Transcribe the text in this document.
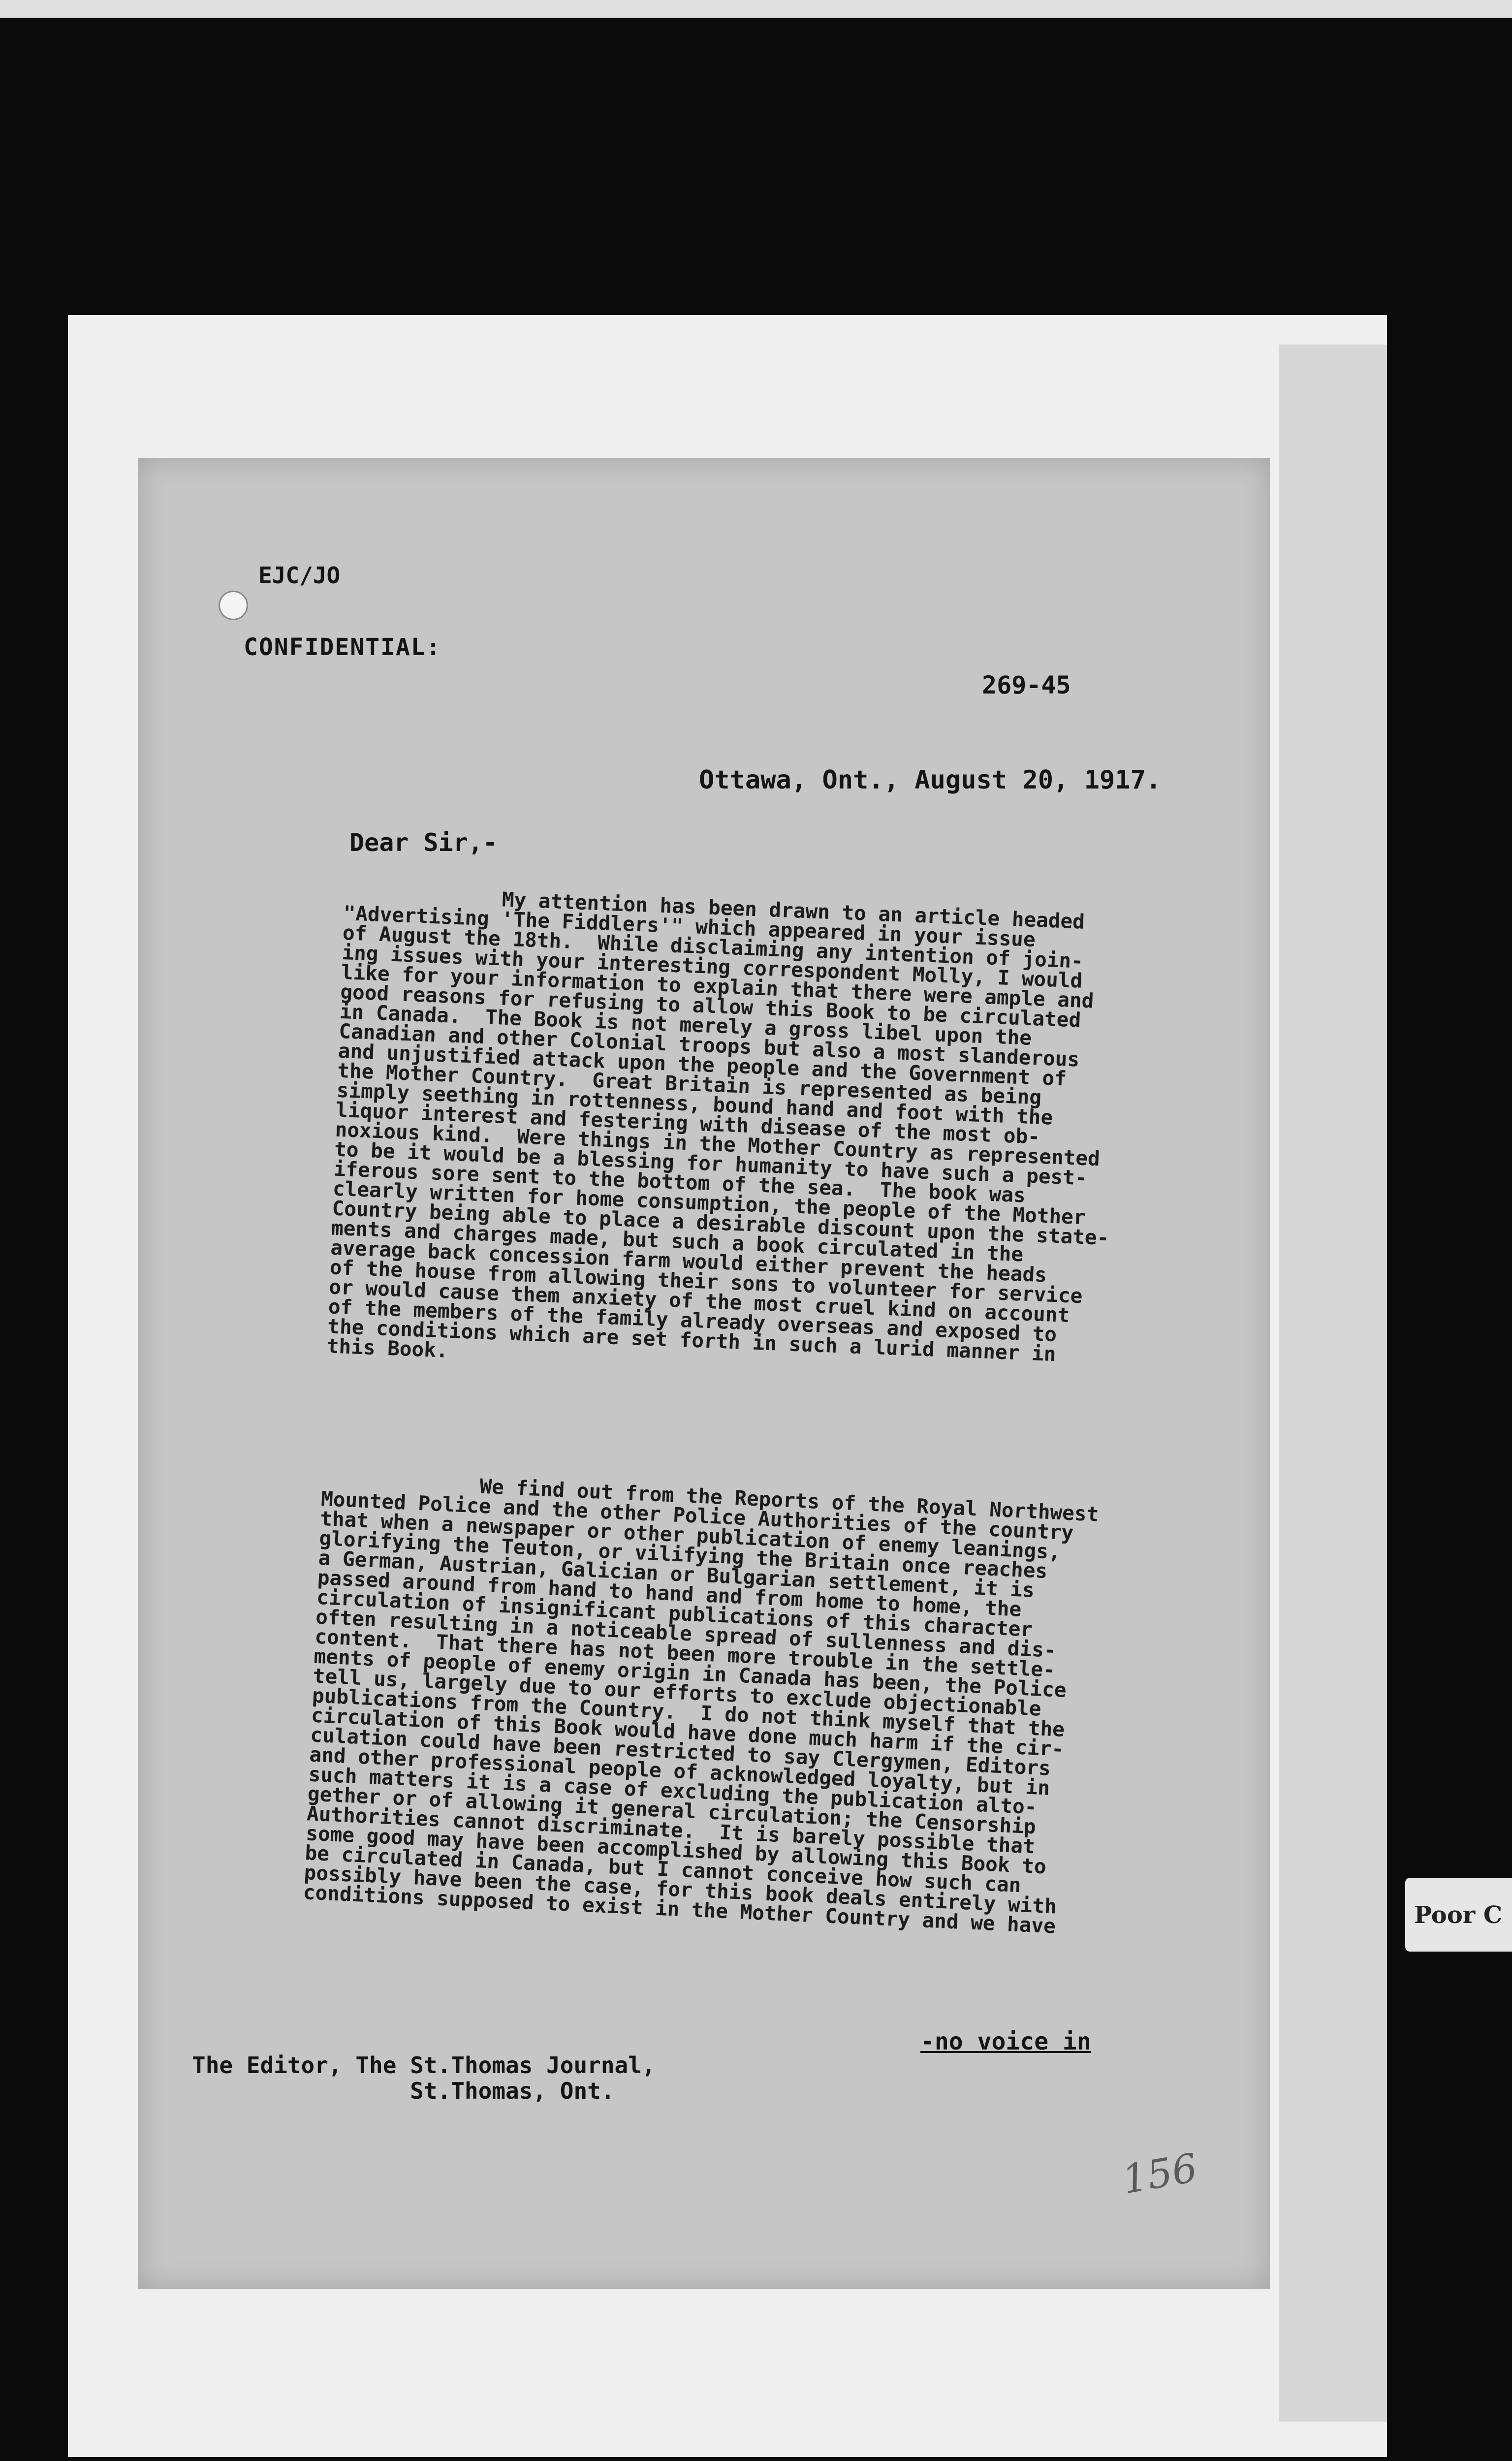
EJC/JO

CONFIDENTIAL:

269-45

Ottawa, Ont., August 20, 1917.

Dear Sir,-

My attention has been drawn to an article headed
"Advertising 'The Fiddlers'" which appeared in your issue
of August the 18th.  While disclaiming any intention of join-
ing issues with your interesting correspondent Molly, I would
like for your information to explain that there were ample and
good reasons for refusing to allow this Book to be circulated
in Canada.  The Book is not merely a gross libel upon the
Canadian and other Colonial troops but also a most slanderous
and unjustified attack upon the people and the Government of
the Mother Country.  Great Britain is represented as being
simply seething in rottenness, bound hand and foot with the
liquor interest and festering with disease of the most ob-
noxious kind.  Were things in the Mother Country as represented
to be it would be a blessing for humanity to have such a pest-
iferous sore sent to the bottom of the sea.  The book was
clearly written for home consumption, the people of the Mother
Country being able to place a desirable discount upon the state-
ments and charges made, but such a book circulated in the
average back concession farm would either prevent the heads
of the house from allowing their sons to volunteer for service
or would cause them anxiety of the most cruel kind on account
of the members of the family already overseas and exposed to
the conditions which are set forth in such a lurid manner in
this Book.

We find out from the Reports of the Royal Northwest
Mounted Police and the other Police Authorities of the country
that when a newspaper or other publication of enemy leanings,
glorifying the Teuton, or vilifying the Britain once reaches
a German, Austrian, Galician or Bulgarian settlement, it is
passed around from hand to hand and from home to home, the
circulation of insignificant publications of this character
often resulting in a noticeable spread of sullenness and dis-
content.  That there has not been more trouble in the settle-
ments of people of enemy origin in Canada has been, the Police
tell us, largely due to our efforts to exclude objectionable
publications from the Country.  I do not think myself that the
circulation of this Book would have done much harm if the cir-
culation could have been restricted to say Clergymen, Editors
and other professional people of acknowledged loyalty, but in
such matters it is a case of excluding the publication alto-
gether or of allowing it general circulation; the Censorship
Authorities cannot discriminate.  It is barely possible that
some good may have been accomplished by allowing this Book to
be circulated in Canada, but I cannot conceive how such can
possibly have been the case, for this book deals entirely with
conditions supposed to exist in the Mother Country and we have

-no voice in

The Editor, The St.Thomas Journal,
St.Thomas, Ont.

156
Poor C
